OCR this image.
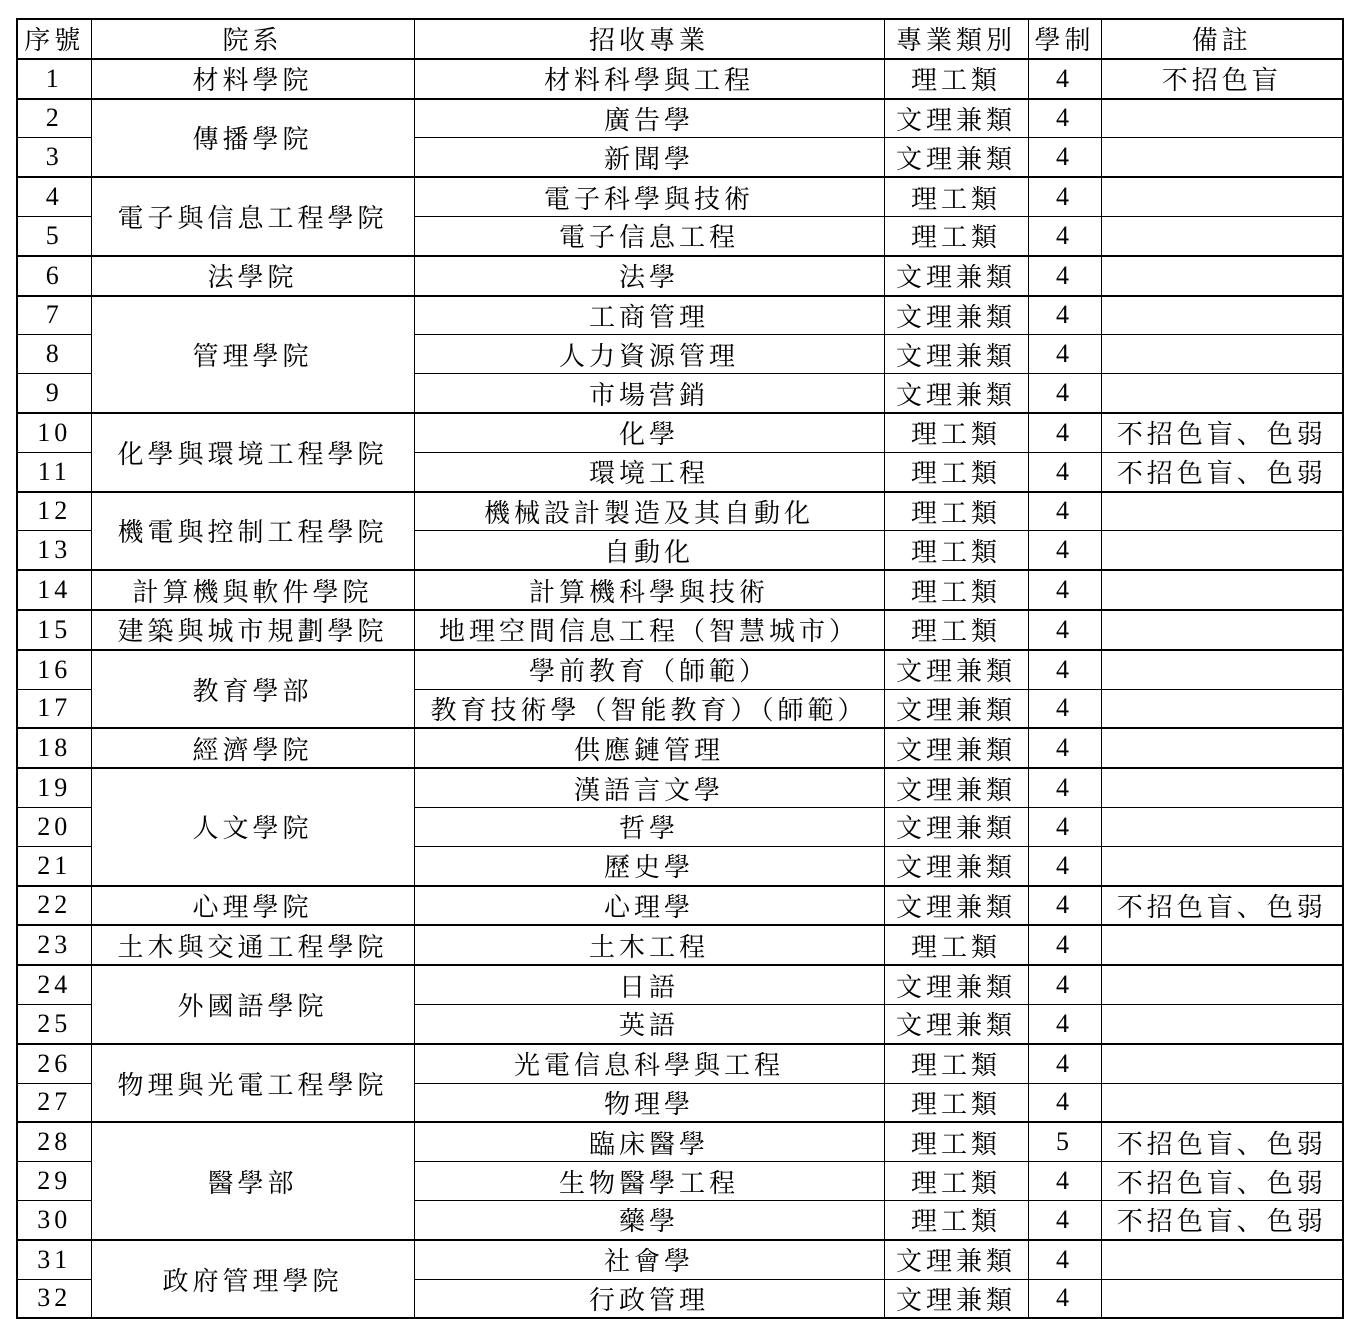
序號	院系	招收專業	專業類別	學制	備註
1	材料學院	材料科學與工程	理工類	4	不招色盲
2	傳播學院	廣告學	文理兼類	4	
3		新聞學	文理兼類	4	
4	電子與信息工程學院	電子科學與技術	理工類	4	
5		電子信息工程	理工類	4	
6	法學院	法學	文理兼類	4	
7	管理學院	工商管理	文理兼類	4	
8		人力資源管理	文理兼類	4	
9		市場营銷	文理兼類	4	
10	化學與環境工程學院	化學	理工類	4	不招色盲、色弱
11		環境工程	理工類	4	不招色盲、色弱
12	機電與控制工程學院	機械設計製造及其自動化	理工類	4	
13		自動化	理工類	4	
14	計算機與軟件學院	計算機科學與技術	理工類	4	
15	建築與城市規劃學院	地理空間信息工程（智慧城市）	理工類	4	
16	教育學部	學前教育（師範）	文理兼類	4	
17		教育技術學（智能教育）（師範）	文理兼類	4	
18	經濟學院	供應鏈管理	文理兼類	4	
19	人文學院	漢語言文學	文理兼類	4	
20		哲學	文理兼類	4	
21		歷史學	文理兼類	4	
22	心理學院	心理學	文理兼類	4	不招色盲、色弱
23	土木與交通工程學院	土木工程	理工類	4	
24	外國語學院	日語	文理兼類	4	
25		英語	文理兼類	4	
26	物理與光電工程學院	光電信息科學與工程	理工類	4	
27		物理學	理工類	4	
28	醫學部	臨床醫學	理工類	5	不招色盲、色弱
29		生物醫學工程	理工類	4	不招色盲、色弱
30		藥學	理工類	4	不招色盲、色弱
31	政府管理學院	社會學	文理兼類	4	
32		行政管理	文理兼類	4	
